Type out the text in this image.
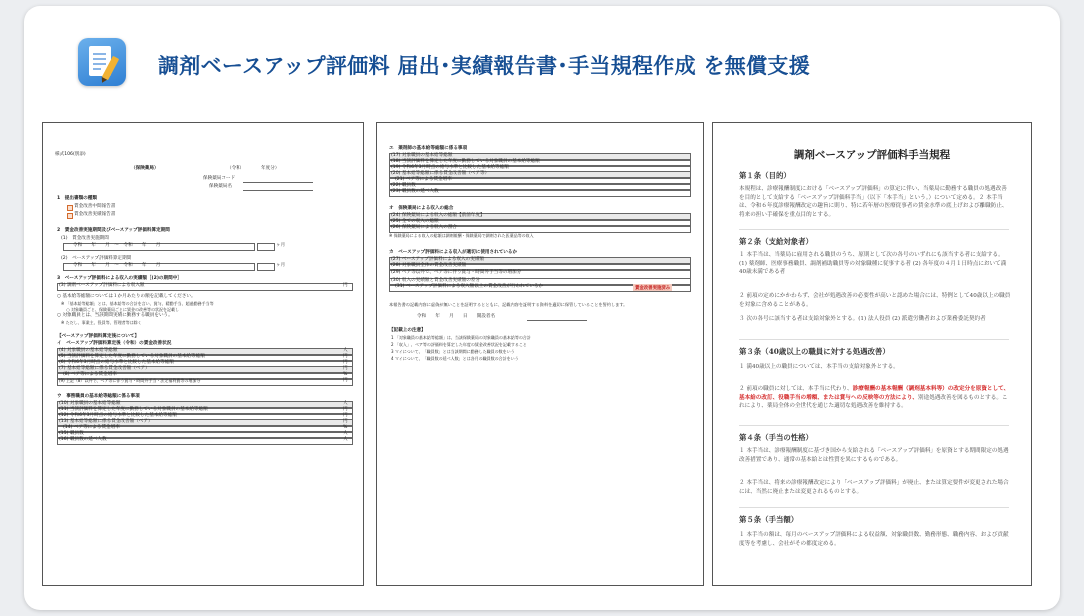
調剤ベースアップ評価料 届出･実績報告書･手当規程作成 を無償支援
様式106(別添)
（保険薬局）	（令和	年度分）
保険薬局コード
保険薬局名
1　提出書類の種類
賃金改善中間報告書
賃金改善実績報告書
2　賃金改善実施期間及びベースアップ評価料算定期間
(1)　賃金改善実施期間
令和　　年　　月　～　令和　　年　　月	ヶ月
(2)　ベースアップ評価料算定期間
令和　　年　　月　～　令和　　年　　月	ヶ月
3　ベースアップ評価料による収入の実績額［(2)の期間中］
(3) 調剤ベースアップ評価料による収入額	円
○ 基本給等総額については１か月あたりの額を記載してください。
※ 「基本給等総額」とは、基本給等の合計を言い、賞与、精勤手当、超過勤務手当等
　 ○ 対象職員ごと、保険薬局ごとに賃金の改善等の状況を記載し
○ 対象職員とは、当該期間実績に勤務する職員をいう。
※ ただし、事業主、役員等、管理者等は除く
【ベースアップ評価料算定後について】
イ　ベースアップ評価料算定後（令和）の賃金改善状況
(4) 対象職員の基本給等総額	人
(5) 当該評価料を算定した年度に勤務している対象職員の基本給等総額	円
(6) 令和6年3月時点の給与水準と比較した基本給等総額	円
(7) 基本給等総額に係る賃金改善額（ベア）	円
(8) ベア等による賃金増率	%
(9) 上記（8）以外で、ベア等に伴う賞与・時間外手当・法定福利費等の増加分	円
ウ　事務職員の基本給等総額に係る事項
(10) 対象職員の基本給等総額	人
(11) 当該評価料を算定した年度に勤務している対象職員の基本給等総額	円
(12) 令和6年3月時点の給与水準と比較した基本給等総額	円
(13) 基本給等総額に係る賃金改善額（ベア）	円
(14) ベア等による賃金増率	%
(15) 職員数	人
(16) 職員数の延べ人数	人
エ　薬剤師の基本給等総額に係る事項
(17) 対象職員の基本給等総額
(18) 当該評価料を算定した年度に勤務している対象職員の基本給等総額
(19) 令和6年3月時点の給与水準と比較した基本給等総額
(20) 基本給等総額に係る賃金改善額（ベア等）
(21) ベア等による賃金増率
(22) 職員数
(23) 職員数の延べ人数
オ　保険薬局による収入の総合
(24) 保険薬局による収入の総額【前前年度】
(25) 全ての収入の総額
(26) 保険薬局による収入の割合
※ 保険薬局による収入の総額は調剤報酬・保険薬局で調剤された医薬品等の収入
カ　ベースアップ評価料による収入が適切に使用されているか
(27) ベースアップ評価料による収入の実績額
(28) 対象職員全体の賃金改善実績額
(29) ベア等以外で、ベア等に伴う賞与・時間外手当等の増加分
(30) 収入の実績額と賃金改善実績額の差分
(31) ベースアップ評価料による収入額以上の賃金改善が行われているか	賃金改善実施済み
本報告書の記載内容に虚偽が無いことを証明するとともに、記載内容を証明する資料を適切に保管していることを誓約します。
令和　　年　　月　　日　　開設者名
【記載上の注意】
1 「対象職員の基本給等総額」は、当該保険薬局の対象職員の基本給等の合計
2 「収入」、ベア等の評価料を算定した年度の賃金改善状況を記載すること
3 マイについて、「職員数」とは当該期間に勤務した職員の数をいう
4 マイについて、「職員数の延べ人数」とは各月の職員数の合計をいう
調剤ベースアップ評価料手当規程
第１条（目的）
本規程は、診療報酬制度における「ベースアップ評価料」の算定に伴い、当薬局に勤務する職員の処遇改善を目的として支給する「ベースアップ評価料手当」（以下「本手当」という。）について定める。２ 本手当は、令和６年度診療報酬改定の趣旨に則り、特に若年層の医療従事者の賃金水準の底上げおよび離職防止、将来の担い手確保を重点目的とする。
第２条（支給対象者）
１ 本手当は、当薬局に雇用される職員のうち、原則として次の各号のいずれにも該当する者に支給する。(1) 薬剤師、医療事務職員、調剤補助職員等の対象職種に従事する者 (2) 各年度の４月１日時点において満40歳未満である者
２ 前項の定めにかかわらず、会社が処遇改善の必要性が高いと認めた場合には、特例として40歳以上の職員を対象に含めることがある。
３ 次の各号に該当する者は支給対象外とする。(1) 法人役員 (2) 派遣労働者および業務委託契約者
第３条（40歳以上の職員に対する処遇改善）
１ 満40歳以上の職員については、本手当の支給対象外とする。
２ 前項の職員に対しては、本手当に代わり、診療報酬の基本報酬（調剤基本料等）の改定分を原資として、基本給の改訂、役職手当の増額、または賞与への反映等の方法により、別途処遇改善を図るものとする。これにより、薬局全体の全世代を通じた適切な処遇改善を維持する。
第４条（手当の性格）
１ 本手当は、診療報酬制度に基づき国から支給される「ベースアップ評価料」を原資とする期間限定の処遇改善措置であり、通常の基本給とは性質を異にするものである。
２ 本手当は、将来の診療報酬改定により「ベースアップ評価料」が廃止、または算定要件が変更された場合には、当然に廃止または変更されるものとする。
第５条（手当額）
１ 本手当の額は、毎月のベースアップ評価料による収益額、対象職員数、勤務形態、職務内容、および貢献度等を考慮し、会社がその都度定める。
